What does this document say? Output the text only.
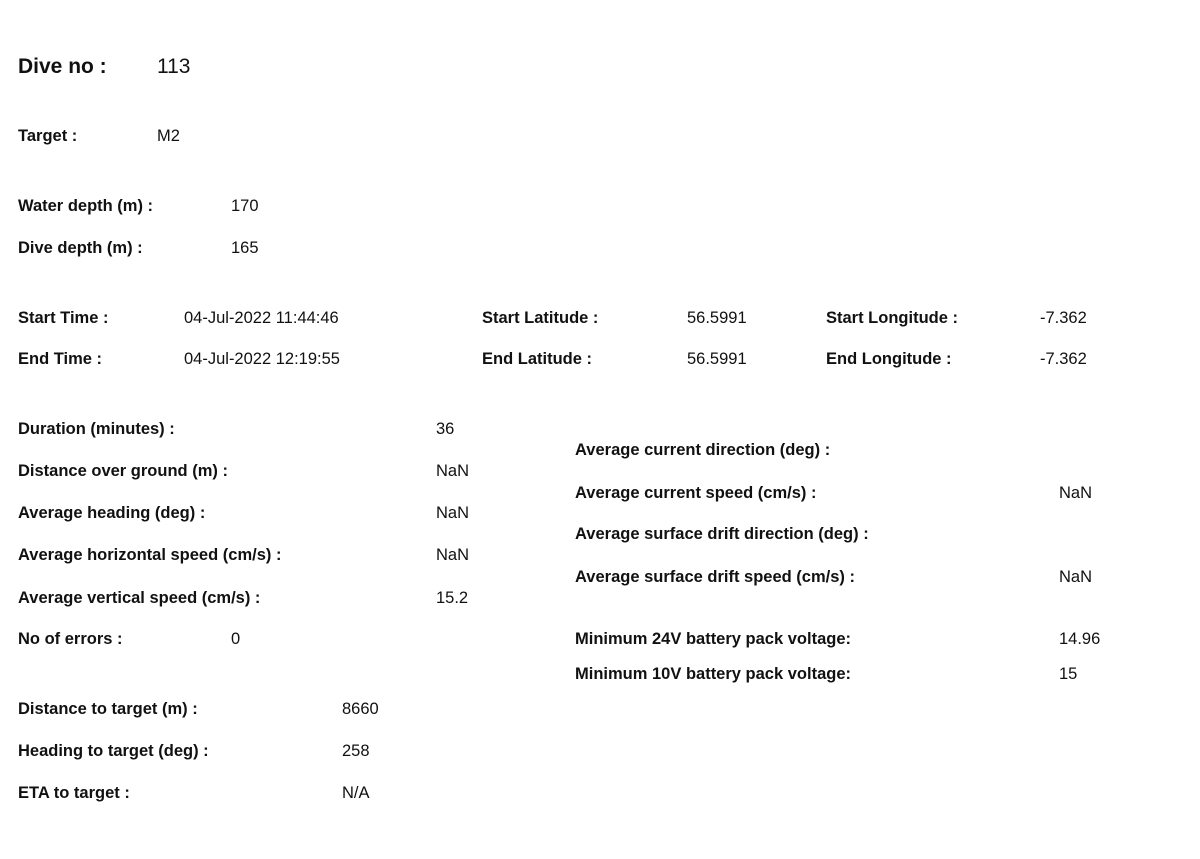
Dive no : 113
Target :	M2
Water depth (m) :	170
Dive depth (m) :	165
Start Time :	04-Jul-2022 11:44:46	Start Latitude :	56.5991	Start Longitude :	-7.362
End Time :	04-Jul-2022 12:19:55	End Latitude :	56.5991	End Longitude :	-7.362
Duration (minutes) :	36
Distance over ground (m) :	NaN
Average heading (deg) :	NaN
Average horizontal speed (cm/s) :	NaN
Average vertical speed (cm/s) :	15.2
No of errors :	0
Average current direction (deg) :
Average current speed (cm/s) :	NaN
Average surface drift direction (deg) :
Average surface drift speed (cm/s) :	NaN
Minimum 24V battery pack voltage:	14.96
Minimum 10V battery pack voltage:	15
Distance to target (m) :	8660
Heading to target (deg) :	258
ETA to target :	N/A
